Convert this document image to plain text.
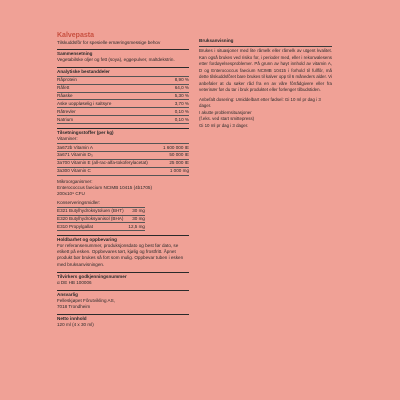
Kalvepasta
Tilskuddsfôr for spesielle ernæringsmessige behov
Sammensetning
Vegetabilske oljer og fett (soya), eggepulver, maltdekstrin.
Analytiske bestanddeler
Råprotein	8,90 %
Råfett	64,0 %
Råaske	5,30 %
Aske uoppløselig i saltsyre	3,70 %
Råtrevler	0,10 %
Natrium	0,10 %
Tilsetningsstoffer (per kg)
Vitaminer:
3a672b Vitamin A	1 600 000 IE
3a671 Vitamin D₃	50 000 IE
3a700 Vitamin E (all-rac-alfa-tokoferylacetat)	25 000 IE
3a300 Vitamin C	1 000 mg
Mikroorganismer:
Enterococcus faecium NCIMB 10415 (4b1705)
200x10⁹ CFU
Konserveringsmidler:
E321 Butylhydroksytoluen (BHT) 30 mg
E320 Butylhydroksyanisol (BHA) 30 mg
E310 Propylgallat	12,5 mg
Holdbarhet og oppbevaring
For referansenummer, produksjonsdato og best før dato, se etikett på esken. Oppbevares tørt, kjølig og frostfritt. Åpnet produkt bør brukes så fort som mulig. Oppbevar tuben i esken med bruksanvisningen.
Tilvirkers godkjenningsnummer
α DE HB 100006
Ansvarlig
Felleskjøpet Fôrutvikling AS,
7018 Trondheim
Netto innhold
120 ml (4 x 30 ml)
Bruksanvisning
Brukes i situasjoner med lite råmelk eller råmelk av utgent kvalitet. Kan også brukes ved risiko for, i perioder med, eller i rekonvalesens etter fordøyelsesproblemer. På grunn av høyt innhold av vitamin A, D og Enterococcus faecium NCIMB 10415 i forhold til fullfôr, må dette tilskuddsfôret bare brukes til kalver opp til 6 måneders alder. Vi anbefaler at du søker råd fra en av våre fôrrådgivere eller fra veterinær før du tar i bruk produktet eller forlenger tilbudstiden.
Anbefalt dosering: Umiddelbart etter fødsel: Gi 10 ml pr dag i 3 dager.
I akutte problemsituasjoner
(f.eks. ved start smittepress)
Gi 10 ml pr dag i 3 dager.
